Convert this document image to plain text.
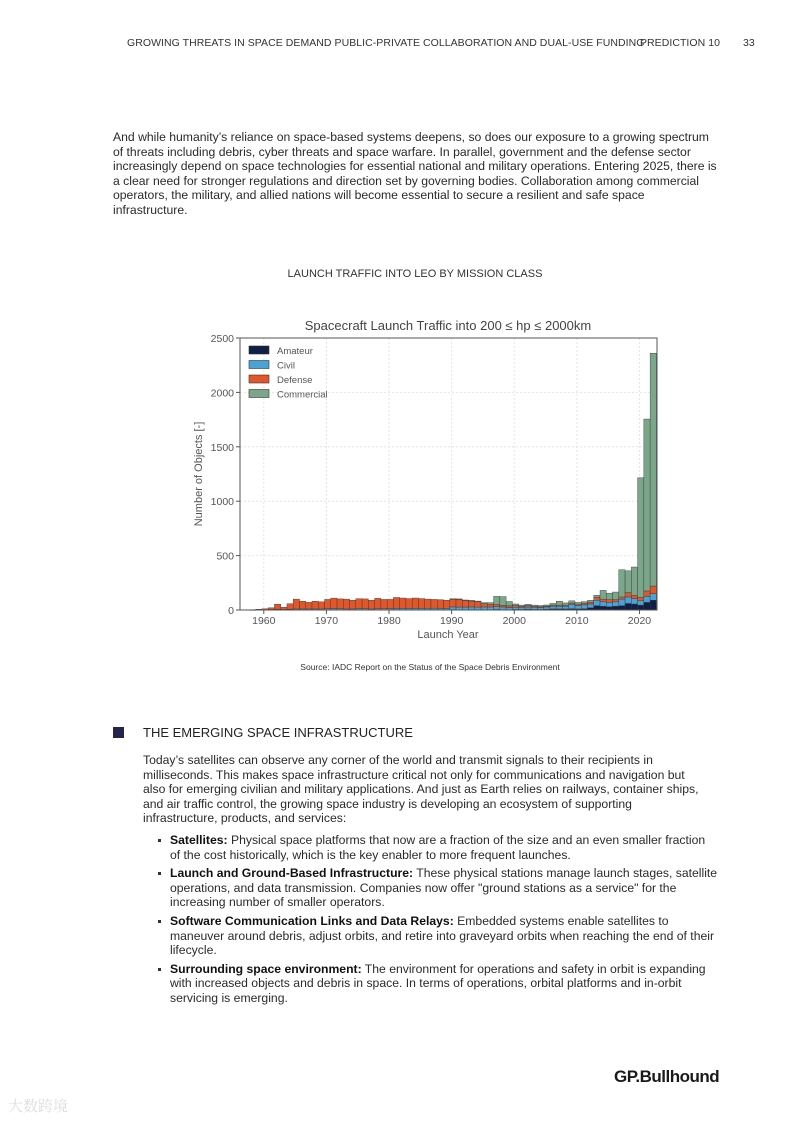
GROWING THREATS IN SPACE DEMAND PUBLIC-PRIVATE COLLABORATION AND DUAL-USE FUNDING
PREDICTION 10 33
And while humanity’s reliance on space-based systems deepens, so does our exposure to a growing spectrum of threats including debris, cyber threats and space warfare. In parallel, government and the defense sector increasingly depend on space technologies for essential national and military operations. Entering 2025, there is a clear need for stronger regulations and direction set by governing bodies. Collaboration among commercial operators, the military, and allied nations will become essential to secure a resilient and safe space infrastructure.
LAUNCH TRAFFIC INTO LEO BY MISSION CLASS
Spacecraft Launch Traffic into 200 ≤ hp ≤ 2000km
1960	1970	1980	1990	2000	2010	2020
0
500
1000
1500
2000
2500
Launch Year
Number of Objects [-]
Amateur
Civil
Defense
Commercial
Source: IADC Report on the Status of the Space Debris Environment
THE EMERGING SPACE INFRASTRUCTURE
Today’s satellites can observe any corner of the world and transmit signals to their recipients in milliseconds. This makes space infrastructure critical not only for communications and navigation but also for emerging civilian and military applications. And just as Earth relies on railways, container ships, and air traffic control, the growing space industry is developing an ecosystem of supporting infrastructure, products, and services:
Satellites: Physical space platforms that now are a fraction of the size and an even smaller fraction of the cost historically, which is the key enabler to more frequent launches.
Launch and Ground-Based Infrastructure: These physical stations manage launch stages, satellite operations, and data transmission. Companies now offer "ground stations as a service" for the increasing number of smaller operators.
Software Communication Links and Data Relays: Embedded systems enable satellites to maneuver around debris, adjust orbits, and retire into graveyard orbits when reaching the end of their lifecycle.
Surrounding space environment: The environment for operations and safety in orbit is expanding with increased objects and debris in space. In terms of operations, orbital platforms and in-orbit servicing is emerging.
GP.Bullhound
大数跨境
